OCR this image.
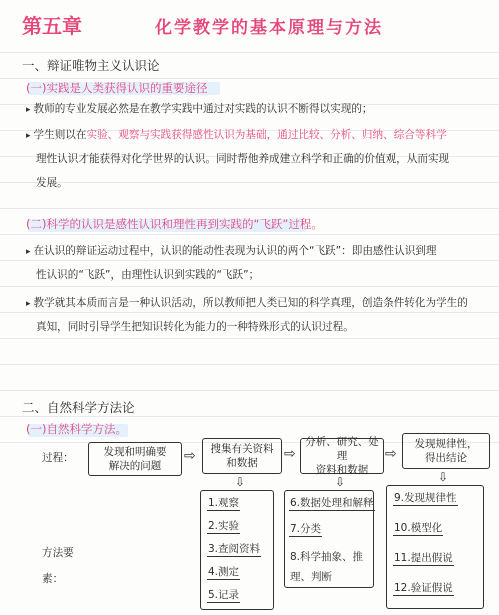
第五章	化学教学的基本原理与方法
一、辩证唯物主义认识论
(一)实践是人类获得认识的重要途径
▸ 教师的专业发展必然是在教学实践中通过对实践的认识不断得以实现的；
▸ 学生则以在实验、观察与实践获得感性认识为基础，通过比较、分析、归纳、综合等科学
理性认识才能获得对化学世界的认识。同时帮他养成建立科学和正确的价值观，从而实现
发展。
(二)科学的认识是感性认识和理性再到实践的“飞跃”过程。
▸ 在认识的辩证运动过程中，认识的能动性表现为认识的两个“飞跃”：即由感性认识到理
性认识的“飞跃”，由理性认识到实践的“飞跃”；
▸ 教学就其本质而言是一种认识活动，所以教师把人类已知的科学真理，创造条件转化为学生的
真知，同时引导学生把知识转化为能力的一种特殊形式的认识过程。
二、自然科学方法论
(一)自然科学方法。
过程：	发现和明确要
解决的问题
⇨ 搜集有关资料
和数据
⇨
分析、研究、处理
资料和数据
⇨
发现规律性，
得出结论
⇩	⇩	⇩
方法要素：
1.观察
2.实验
3.查阅资料
4.测定
5.记录
6.数据处理和解释
7.分类
8.科学抽象、推理、判断
9.发现规律性
10.模型化
11.提出假说
12.验证假说
